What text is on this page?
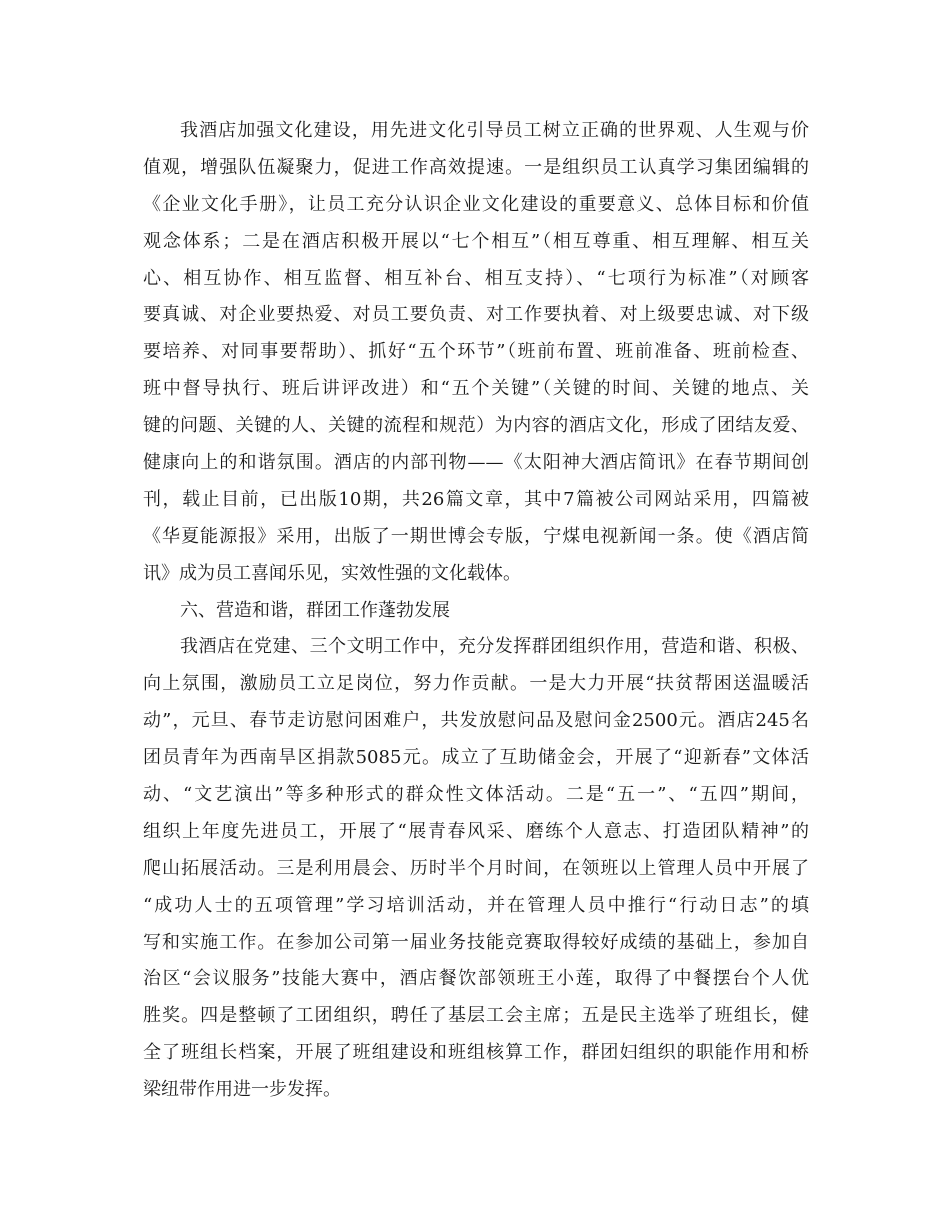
我酒店加强文化建设，用先进文化引导员工树立正确的世界观、人生观与价
值观，增强队伍凝聚力，促进工作高效提速。一是组织员工认真学习集团编辑的
《企业文化手册》，让员工充分认识企业文化建设的重要意义、总体目标和价值
观念体系；二是在酒店积极开展以“七个相互”（相互尊重、相互理解、相互关
心、相互协作、相互监督、相互补台、相互支持）、“七项行为标准”（对顾客
要真诚、对企业要热爱、对员工要负责、对工作要执着、对上级要忠诚、对下级
要培养、对同事要帮助）、抓好“五个环节”（班前布置、班前准备、班前检查、
班中督导执行、班后讲评改进）和“五个关键”（关键的时间、关键的地点、关
键的问题、关键的人、关键的流程和规范）为内容的酒店文化，形成了团结友爱、
健康向上的和谐氛围。酒店的内部刊物——《太阳神大酒店简讯》在春节期间创
刊，载止目前，已出版10期，共26篇文章，其中7篇被公司网站采用，四篇被
《华夏能源报》采用，出版了一期世博会专版，宁煤电视新闻一条。使《酒店简
讯》成为员工喜闻乐见，实效性强的文化载体。
六、营造和谐，群团工作蓬勃发展
我酒店在党建、三个文明工作中，充分发挥群团组织作用，营造和谐、积极、
向上氛围，激励员工立足岗位，努力作贡献。一是大力开展“扶贫帮困送温暖活
动”，元旦、春节走访慰问困难户，共发放慰问品及慰问金2500元。酒店245名
团员青年为西南旱区捐款5085元。成立了互助储金会，开展了“迎新春”文体活
动、“文艺演出”等多种形式的群众性文体活动。二是“五一”、“五四”期间，
组织上年度先进员工，开展了“展青春风采、磨练个人意志、打造团队精神”的
爬山拓展活动。三是利用晨会、历时半个月时间，在领班以上管理人员中开展了
“成功人士的五项管理”学习培训活动，并在管理人员中推行“行动日志”的填
写和实施工作。在参加公司第一届业务技能竞赛取得较好成绩的基础上，参加自
治区“会议服务”技能大赛中，酒店餐饮部领班王小莲，取得了中餐摆台个人优
胜奖。四是整顿了工团组织，聘任了基层工会主席；五是民主选举了班组长，健
全了班组长档案，开展了班组建设和班组核算工作，群团妇组织的职能作用和桥
梁纽带作用进一步发挥。
